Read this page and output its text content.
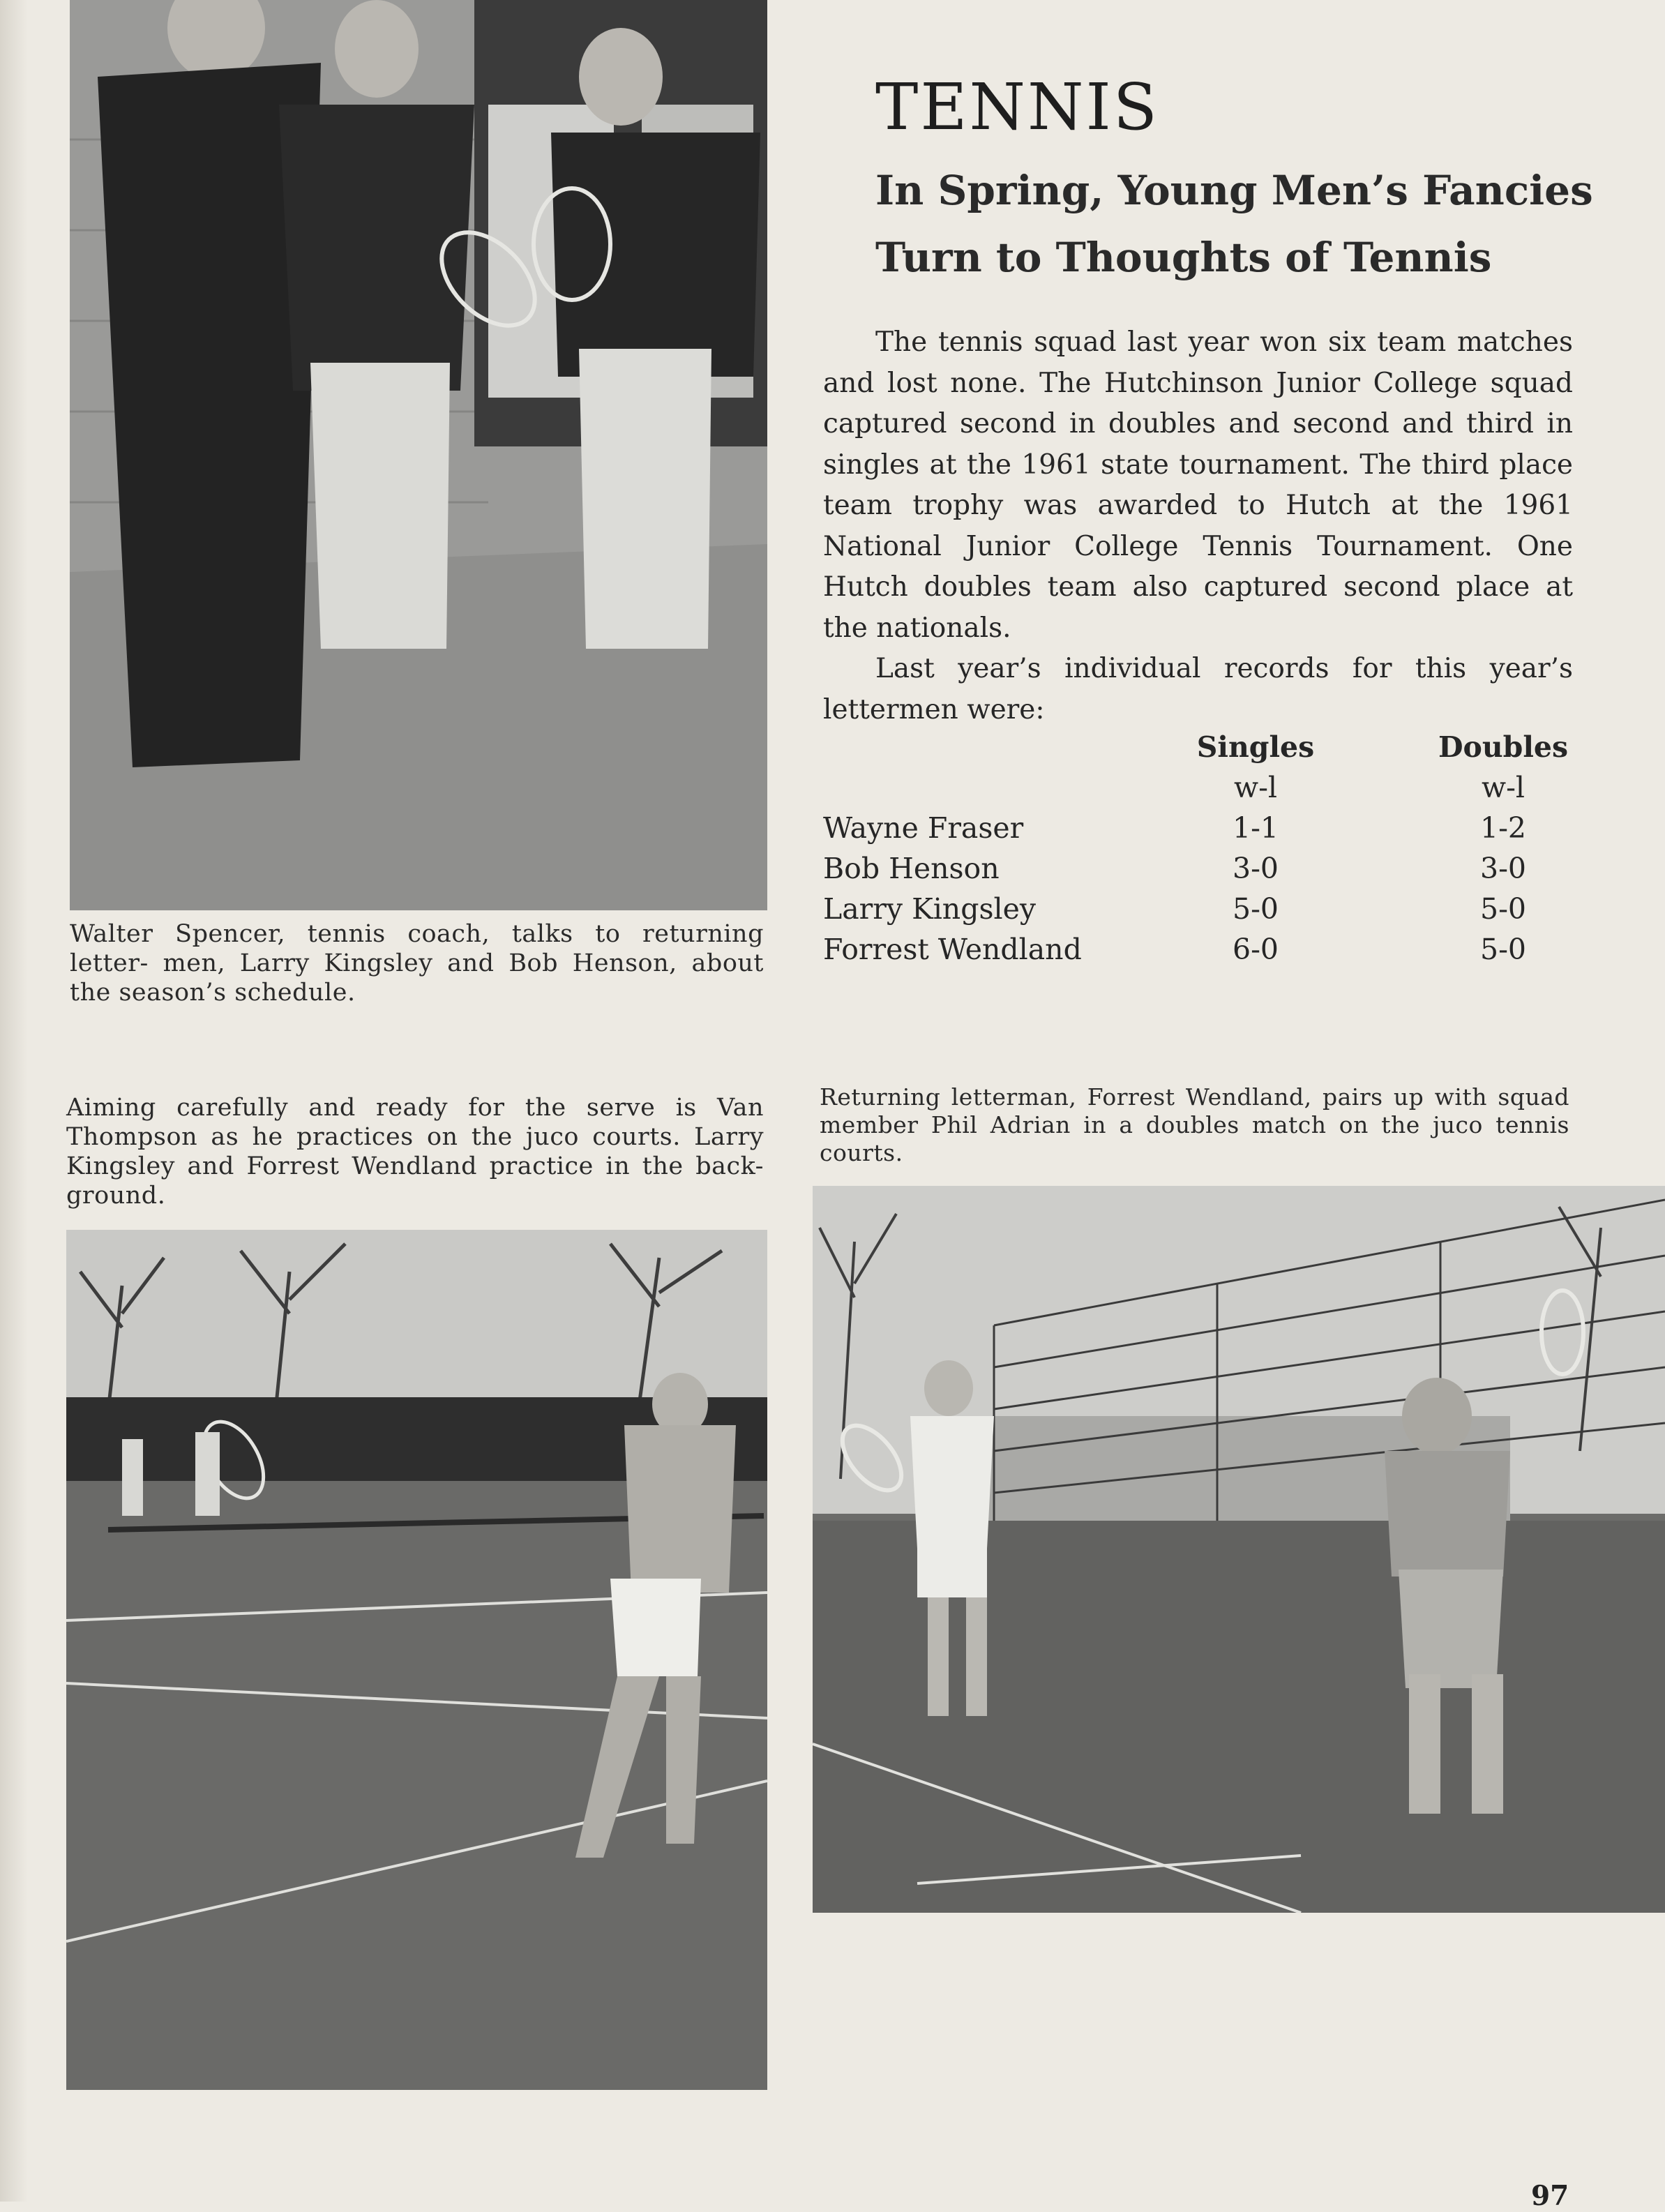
Walter Spencer, tennis coach, talks to returning letter- men, Larry Kingsley and Bob Henson, about the season’s schedule.
TENNIS
In Spring, Young Men’s Fancies Turn to Thoughts of Tennis

The tennis squad last year won six team matches and lost none. The Hutchinson Junior College squad captured second in doubles and second and third in singles at the 1961 state tournament. The third place team trophy was awarded to Hutch at the 1961 National Junior College Tennis Tournament. One Hutch doubles team also captured second place at the nationals.

Last year’s individual records for this year’s lettermen were:

	Singles		Doubles
	w-l		w-l
Wayne Fraser	1-1		1-2
Bob Henson	3-0		3-0
Larry Kingsley	5-0		5-0
Forrest Wendland	6-0		5-0
Aiming carefully and ready for the serve is Van Thompson as he practices on the juco courts. Larry Kingsley and Forrest Wendland practice in the back- ground.
Returning letterman, Forrest Wendland, pairs up with squad member Phil Adrian in a doubles match on the juco tennis courts.
97
